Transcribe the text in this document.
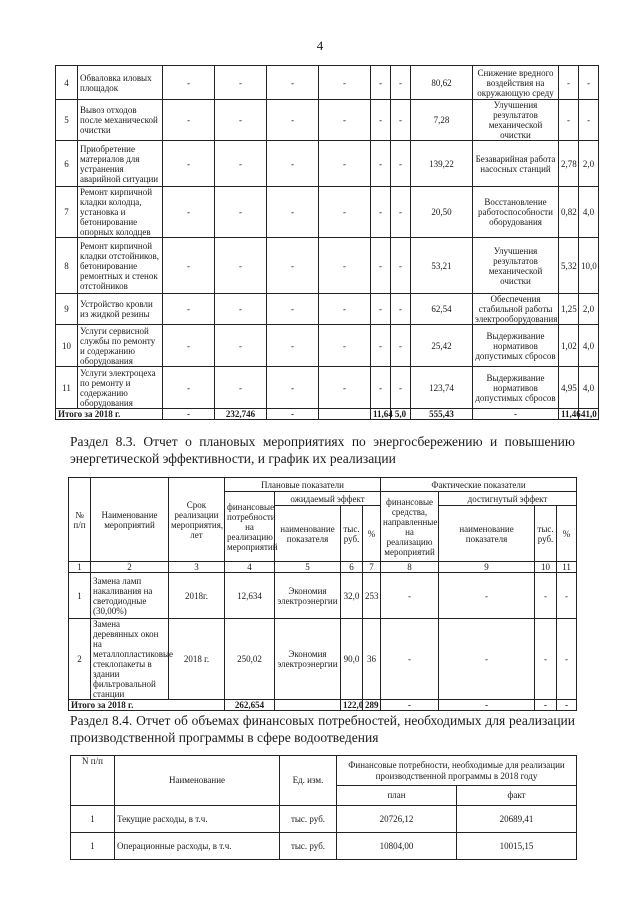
4
4	Обваловка иловых площадок	-	-	-	-	-	-	80,62	Снижение вредного воздействия на окружающую среду	-	-
5	Вывоз отходов после механической очистки	-	-	-	-	-	-	7,28	Улучшения результатов механической очистки	-	-
6	Приобретение материалов для устранения аварийной ситуации	-	-	-	-	-	-	139,22	Безаварийная работа насосных станций	2,78	2,0
7	Ремонт кирпичной кладки колодца, установка и бетонирование опорных колодцев	-	-	-	-	-	-	20,50	Восстановление работоспособности оборудования	0,82	4,0
8	Ремонт кирпичной кладки отстойников, бетонирование ремонтных и стенок отстойников	-	-	-	-	-	-	53,21	Улучшения результатов механической очистки	5,32	10,0
9	Устройство кровли из жидкой резины	-	-	-	-	-	-	62,54	Обеспечения стабильной работы электрооборудования	1,25	2,0
10	Услуги сервисной службы по ремонту и содержанию оборудования	-	-	-	-	-	-	25,42	Выдерживание нормативов допустимых сбросов	1,02	4,0
11	Услуги электроцеха по ремонту и содержанию оборудования	-	-	-	-	-	-	123,74	Выдерживание нормативов допустимых сбросов	4,95	4,0
Итого за 2018 г.		-	232,746	-		11,64	5,0	555,43	-	11,46	41,0
Раздел 8.3. Отчет о плановых мероприятиях по энергосбережению и повышению энергетической эффективности, и график их реализации
№ п/п	Наименование мероприятий	Срок реализации мероприятия, лет	Плановые показатели				Фактические показатели			
			финансовые потребности на реализацию мероприятий	ожидаемый эффект			финансовые средства, направленные на реализацию мероприятий	достигнутый эффект		
				наименование показателя	тыс. руб.	%		наименование показателя	тыс. руб.	%
1	2	3	4	5	6	7	8	9	10	11
1	Замена ламп накаливания на светодиодные (30,00%)	2018г.	12,634	Экономия электроэнергии	32,0	253	-	-	-	-
2	Замена деревянных окон на металлопластиковые стеклопакеты в здании фильтровальной станции	2018 г.	250,02	Экономия электроэнергии	90,0	36	-	-	-	-
Итого за 2018 г.			262,654		122,0	289	-	-	-	-
Раздел 8.4. Отчет об объемах финансовых потребностей, необходимых для реализации производственной программы в сфере водоотведения
N п/п	Наименование	Ед. изм.	Финансовые потребности, необходимые для реализации производственной программы в 2018 году	
			план	факт
1	Текущие расходы, в т.ч.	тыс. руб.	20726,12	20689,41
1	Операционные расходы, в т.ч.	тыс. руб.	10804,00	10015,15
